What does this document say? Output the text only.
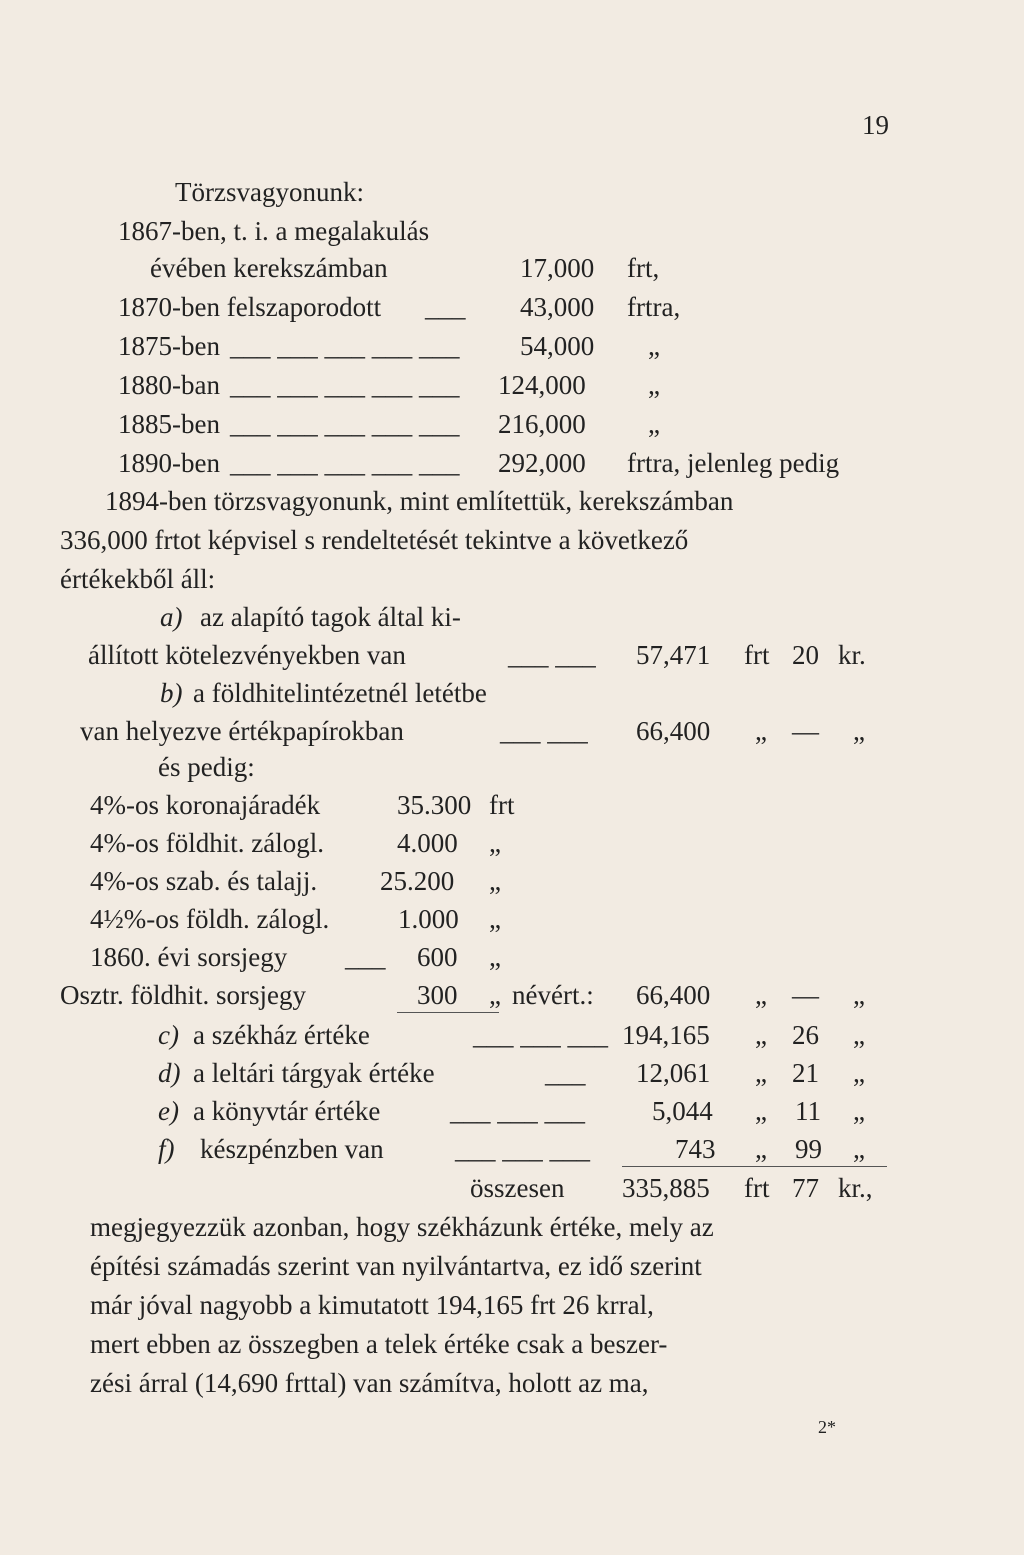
19
Törzsvagyonunk:
1867-ben, t. i. a megalakulás
évében kerekszámban	17,000 frt,
1870-ben felszaporodott ___ 43,000 frtra,
1875-ben ___ ___ ___ ___ ___ 54,000 „
1880-ban ___ ___ ___ ___ ___ 124,000 „
1885-ben ___ ___ ___ ___ ___ 216,000 „
1890-ben ___ ___ ___ ___ ___ 292,000 frtra, jelenleg pedig
1894-ben törzsvagyonunk, mint említettük, kerekszámban
336,000 frtot képvisel s rendeltetését tekintve a következő
értékekből áll:
a) az alapító tagok által ki-
állított kötelezvényekben van	___ ___ 57,471 frt 20 kr.
b) a földhitelintézetnél letétbe
van helyezve értékpapírokban	___ ___ 66,400 „ — „
és pedig:
4%-os koronajáradék	35.300 frt
4%-os földhit. zálogl.	4.000 „
4%-os szab. és talajj. 25.200 „
4½%-os földh. zálogl.	1.000 „
1860. évi sorsjegy ___ 600 „
Osztr. földhit. sorsjegy	300 „ névért.: 66,400 „ — „
c) a székház értéke	___ ___ ___ 194,165 „ 26 „
d) a leltári tárgyak értéke	___ 12,061 „ 21 „
e) a könyvtár értéke	___ ___ ___ 5,044 „ 11 „
f) készpénzben van	___ ___ ___	743 „ 99 „
összesen 335,885 frt 77 kr.,
megjegyezzük azonban, hogy székházunk értéke, mely az
építési számadás szerint van nyilvántartva, ez idő szerint
már jóval nagyobb a kimutatott 194,165 frt 26 krral,
mert ebben az összegben a telek értéke csak a beszer-
zési árral (14,690 frttal) van számítva, holott az ma,
2*
